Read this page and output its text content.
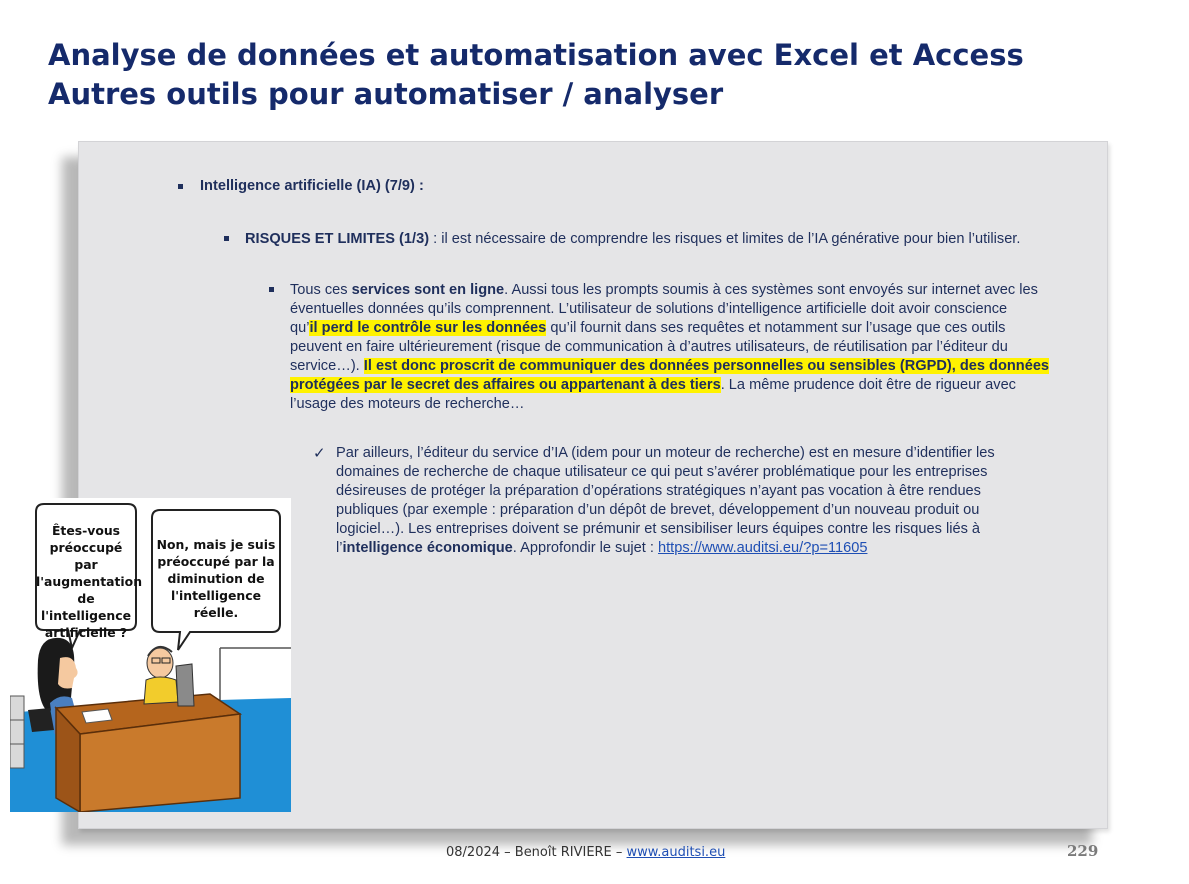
Analyse de données et automatisation avec Excel et Access
Autres outils pour automatiser / analyser
Intelligence artificielle (IA) (7/9) :
RISQUES ET LIMITES (1/3) : il est nécessaire de comprendre les risques et limites de l’IA générative pour bien l’utiliser.
Tous ces services sont en ligne. Aussi tous les prompts soumis à ces systèmes sont envoyés sur internet avec les
éventuelles données qu’ils comprennent. L’utilisateur de solutions d’intelligence artificielle doit avoir conscience
qu’il perd le contrôle sur les données qu’il fournit dans ses requêtes et notamment sur l’usage que ces outils
peuvent en faire ultérieurement (risque de communication à d’autres utilisateurs, de réutilisation par l’éditeur du
service…). Il est donc proscrit de communiquer des données personnelles ou sensibles (RGPD), des données
protégées par le secret des affaires ou appartenant à des tiers. La même prudence doit être de rigueur avec
l’usage des moteurs de recherche…
✓ Par ailleurs, l’éditeur du service d’IA (idem pour un moteur de recherche) est en mesure d’identifier les
domaines de recherche de chaque utilisateur ce qui peut s’avérer problématique pour les entreprises
désireuses de protéger la préparation d’opérations stratégiques n’ayant pas vocation à être rendues
publiques (par exemple : préparation d’un dépôt de brevet, développement d’un nouveau produit ou
logiciel…). Les entreprises doivent se prémunir et sensibiliser leurs équipes contre les risques liés à
l’intelligence économique. Approfondir le sujet : https://www.auditsi.eu/?p=11605
Êtes-vous
préoccupé par
l'augmentation
de l'intelligence
artificielle ?
Non, mais je suis
préoccupé par la
diminution de
l'intelligence réelle.
08/2024 – Benoît RIVIERE – www.auditsi.eu	229
